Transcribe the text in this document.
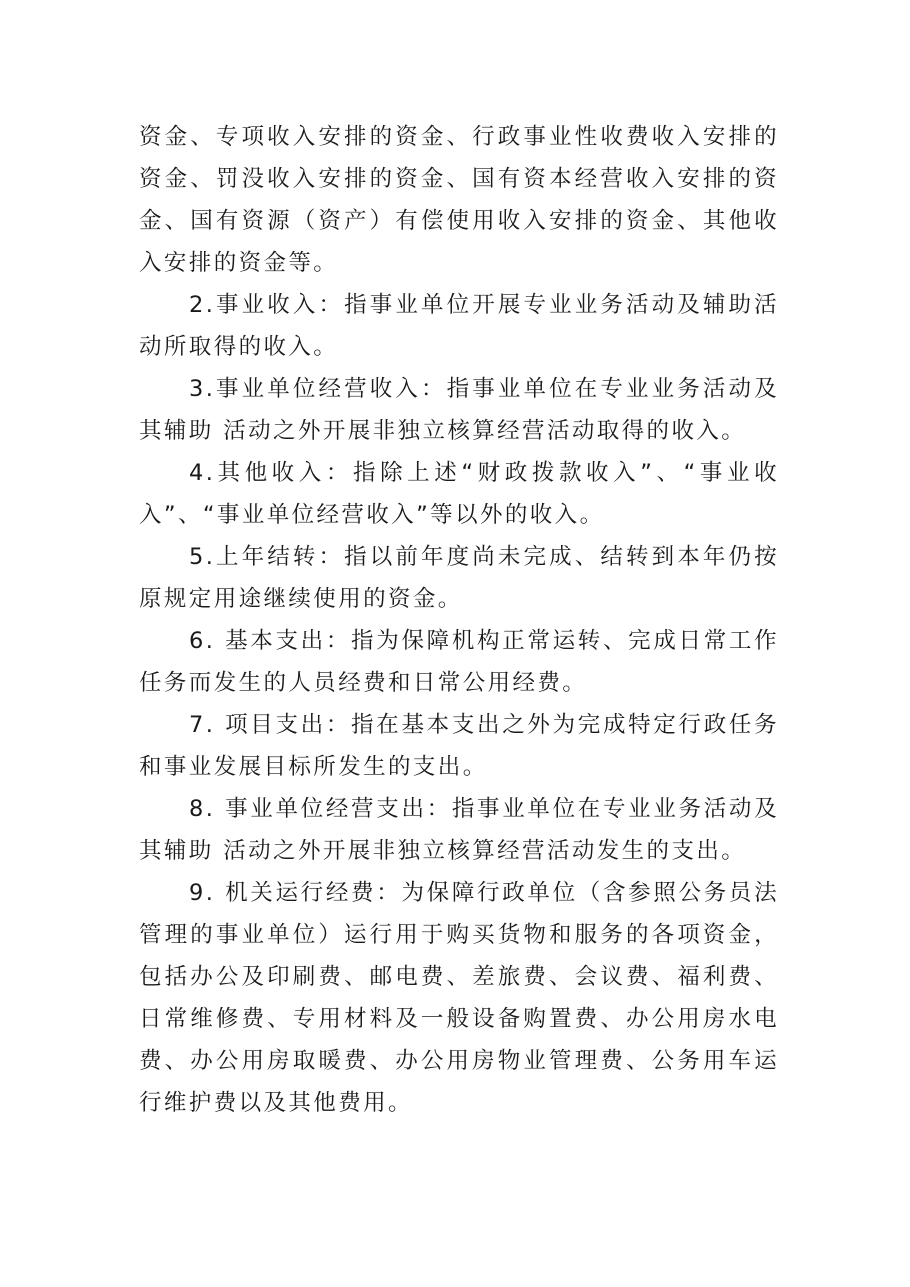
资金、专项收入安排的资金、行政事业性收费收入安排的资金、罚没收入安排的资金、国有资本经营收入安排的资金、国有资源（资产）有偿使用收入安排的资金、其他收入安排的资金等。

2.事业收入：指事业单位开展专业业务活动及辅助活动所取得的收入。

3.事业单位经营收入：指事业单位在专业业务活动及其辅助 活动之外开展非独立核算经营活动取得的收入。

4.其他收入：指除上述“财政拨款收入”、“事业收入”、“事业单位经营收入”等以外的收入。

5.上年结转：指以前年度尚未完成、结转到本年仍按原规定用途继续使用的资金。

6. 基本支出：指为保障机构正常运转、完成日常工作任务而发生的人员经费和日常公用经费。

7. 项目支出：指在基本支出之外为完成特定行政任务和事业发展目标所发生的支出。

8. 事业单位经营支出：指事业单位在专业业务活动及其辅助 活动之外开展非独立核算经营活动发生的支出。

9. 机关运行经费：为保障行政单位（含参照公务员法管理的事业单位）运行用于购买货物和服务的各项资金，包括办公及印刷费、邮电费、差旅费、会议费、福利费、日常维修费、专用材料及一般设备购置费、办公用房水电费、办公用房取暖费、办公用房物业管理费、公务用车运行维护费以及其他费用。
